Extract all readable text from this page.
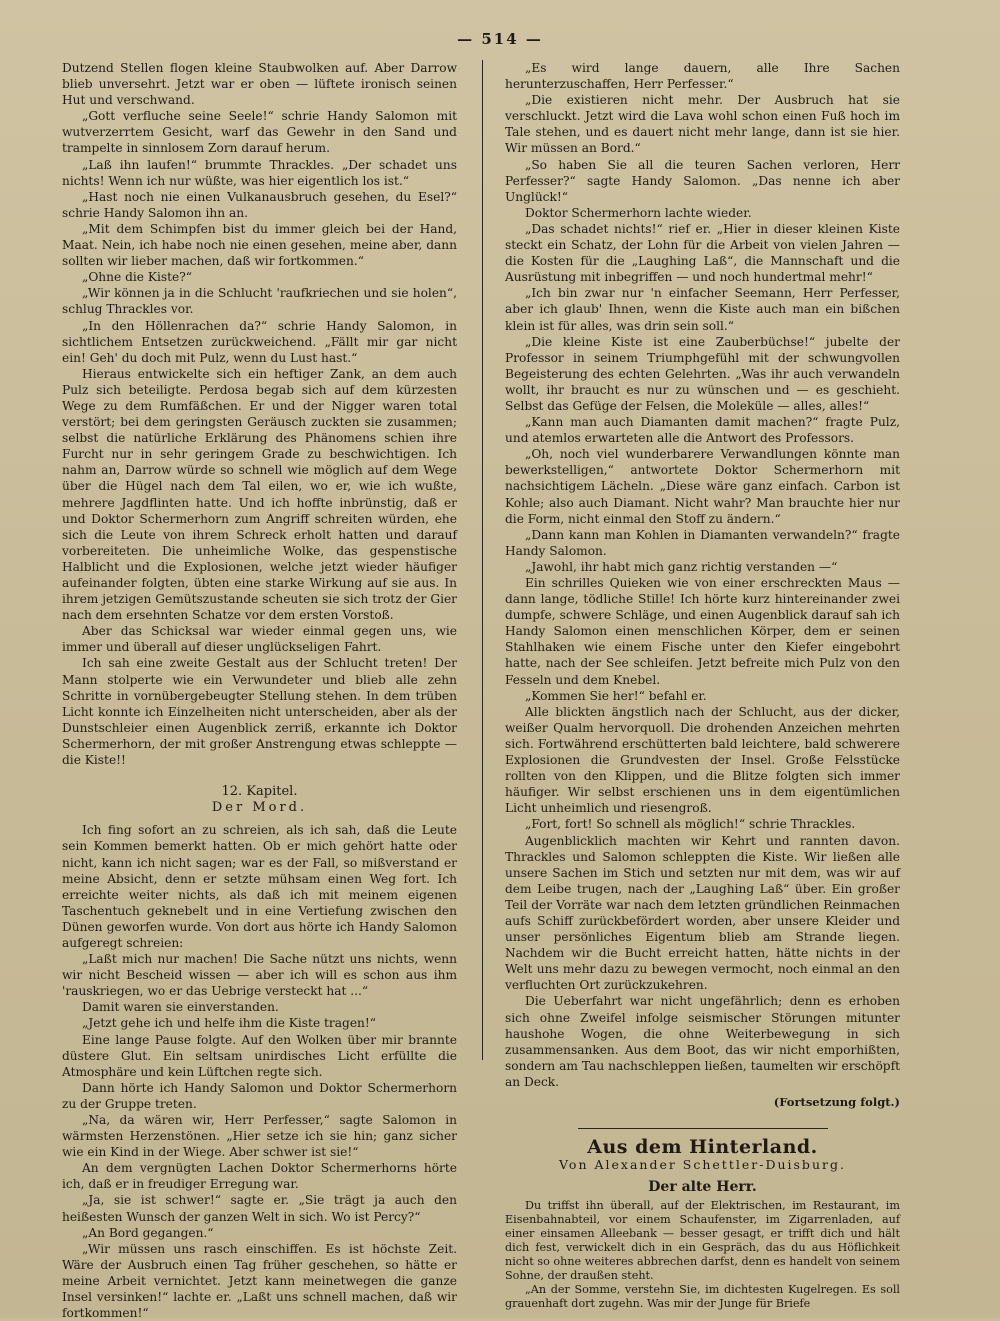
— 514 —

Dutzend Stellen flogen kleine Staubwolken auf. Aber Darrow blieb unversehrt. Jetzt war er oben — lüftete ironisch seinen Hut und verschwand.

„Gott verfluche seine Seele!“ schrie Handy Salomon mit wutverzerrtem Gesicht, warf das Gewehr in den Sand und trampelte in sinnlosem Zorn darauf herum.

„Laß ihn laufen!“ brummte Thrackles. „Der schadet uns nichts! Wenn ich nur wüßte, was hier eigentlich los ist.“

„Hast noch nie einen Vulkanausbruch gesehen, du Esel?“ schrie Handy Salomon ihn an.

„Mit dem Schimpfen bist du immer gleich bei der Hand, Maat. Nein, ich habe noch nie einen gesehen, meine aber, dann sollten wir lieber machen, daß wir fortkommen.“

„Ohne die Kiste?“

„Wir können ja in die Schlucht 'raufkriechen und sie holen“, schlug Thrackles vor.

„In den Höllenrachen da?“ schrie Handy Salomon, in sichtlichem Entsetzen zurückweichend. „Fällt mir gar nicht ein! Geh' du doch mit Pulz, wenn du Lust hast.“

Hieraus entwickelte sich ein heftiger Zank, an dem auch Pulz sich beteiligte. Perdosa begab sich auf dem kürzesten Wege zu dem Rumfäßchen. Er und der Nigger waren total verstört; bei dem geringsten Geräusch zuckten sie zusammen; selbst die natürliche Erklärung des Phänomens schien ihre Furcht nur in sehr geringem Grade zu beschwichtigen. Ich nahm an, Darrow würde so schnell wie möglich auf dem Wege über die Hügel nach dem Tal eilen, wo er, wie ich wußte, mehrere Jagdflinten hatte. Und ich hoffte inbrünstig, daß er und Doktor Schermerhorn zum Angriff schreiten würden, ehe sich die Leute von ihrem Schreck erholt hatten und darauf vorbereiteten. Die unheimliche Wolke, das gespenstische Halblicht und die Explosionen, welche jetzt wieder häufiger aufeinander folgten, übten eine starke Wirkung auf sie aus. In ihrem jetzigen Gemütszustande scheuten sie sich trotz der Gier nach dem ersehnten Schatze vor dem ersten Vorstoß.

Aber das Schicksal war wieder einmal gegen uns, wie immer und überall auf dieser unglückseligen Fahrt.

Ich sah eine zweite Gestalt aus der Schlucht treten! Der Mann stolperte wie ein Verwundeter und blieb alle zehn Schritte in vornübergebeugter Stellung stehen. In dem trüben Licht konnte ich Einzelheiten nicht unterscheiden, aber als der Dunstschleier einen Augenblick zerriß, erkannte ich Doktor Schermerhorn, der mit großer Anstrengung etwas schleppte — die Kiste!!

12. Kapitel.

Der Mord.

Ich fing sofort an zu schreien, als ich sah, daß die Leute sein Kommen bemerkt hatten. Ob er mich gehört hatte oder nicht, kann ich nicht sagen; war es der Fall, so mißverstand er meine Absicht, denn er setzte mühsam einen Weg fort. Ich erreichte weiter nichts, als daß ich mit meinem eigenen Taschentuch geknebelt und in eine Vertiefung zwischen den Dünen geworfen wurde. Von dort aus hörte ich Handy Salomon aufgeregt schreien:

„Laßt mich nur machen! Die Sache nützt uns nichts, wenn wir nicht Bescheid wissen — aber ich will es schon aus ihm 'rauskriegen, wo er das Uebrige versteckt hat ...“

Damit waren sie einverstanden.

„Jetzt gehe ich und helfe ihm die Kiste tragen!“

Eine lange Pause folgte. Auf den Wolken über mir brannte düstere Glut. Ein seltsam unirdisches Licht erfüllte die Atmosphäre und kein Lüftchen regte sich.

Dann hörte ich Handy Salomon und Doktor Schermerhorn zu der Gruppe treten.

„Na, da wären wir, Herr Perfesser,“ sagte Salomon in wärmsten Herzenstönen. „Hier setze ich sie hin; ganz sicher wie ein Kind in der Wiege. Aber schwer ist sie!“

An dem vergnügten Lachen Doktor Schermerhorns hörte ich, daß er in freudiger Erregung war.

„Ja, sie ist schwer!“ sagte er. „Sie trägt ja auch den heißesten Wunsch der ganzen Welt in sich. Wo ist Percy?“

„An Bord gegangen.“

„Wir müssen uns rasch einschiffen. Es ist höchste Zeit. Wäre der Ausbruch einen Tag früher geschehen, so hätte er meine Arbeit vernichtet. Jetzt kann meinetwegen die ganze Insel versinken!“ lachte er. „Laßt uns schnell machen, daß wir fortkommen!“

„Es wird lange dauern, alle Ihre Sachen herunterzuschaffen, Herr Perfesser.“

„Die existieren nicht mehr. Der Ausbruch hat sie verschluckt. Jetzt wird die Lava wohl schon einen Fuß hoch im Tale stehen, und es dauert nicht mehr lange, dann ist sie hier. Wir müssen an Bord.“

„So haben Sie all die teuren Sachen verloren, Herr Perfesser?“ sagte Handy Salomon. „Das nenne ich aber Unglück!“

Doktor Schermerhorn lachte wieder.

„Das schadet nichts!“ rief er. „Hier in dieser kleinen Kiste steckt ein Schatz, der Lohn für die Arbeit von vielen Jahren — die Kosten für die „Laughing Laß“, die Mannschaft und die Ausrüstung mit inbegriffen — und noch hundertmal mehr!“

„Ich bin zwar nur 'n einfacher Seemann, Herr Perfesser, aber ich glaub' Ihnen, wenn die Kiste auch man ein bißchen klein ist für alles, was drin sein soll.“

„Die kleine Kiste ist eine Zauberbüchse!“ jubelte der Professor in seinem Triumphgefühl mit der schwungvollen Begeisterung des echten Gelehrten. „Was ihr auch verwandeln wollt, ihr braucht es nur zu wünschen und — es geschieht. Selbst das Gefüge der Felsen, die Moleküle — alles, alles!“

„Kann man auch Diamanten damit machen?“ fragte Pulz, und atemlos erwarteten alle die Antwort des Professors.

„Oh, noch viel wunderbarere Verwandlungen könnte man bewerkstelligen,“ antwortete Doktor Schermerhorn mit nachsichtigem Lächeln. „Diese wäre ganz einfach. Carbon ist Kohle; also auch Diamant. Nicht wahr? Man brauchte hier nur die Form, nicht einmal den Stoff zu ändern.“

„Dann kann man Kohlen in Diamanten verwandeln?“ fragte Handy Salomon.

„Jawohl, ihr habt mich ganz richtig verstanden —“

Ein schrilles Quieken wie von einer erschreckten Maus — dann lange, tödliche Stille! Ich hörte kurz hintereinander zwei dumpfe, schwere Schläge, und einen Augenblick darauf sah ich Handy Salomon einen menschlichen Körper, dem er seinen Stahlhaken wie einem Fische unter den Kiefer eingebohrt hatte, nach der See schleifen. Jetzt befreite mich Pulz von den Fesseln und dem Knebel.

„Kommen Sie her!“ befahl er.

Alle blickten ängstlich nach der Schlucht, aus der dicker, weißer Qualm hervorquoll. Die drohenden Anzeichen mehrten sich. Fortwährend erschütterten bald leichtere, bald schwerere Explosionen die Grundvesten der Insel. Große Felsstücke rollten von den Klippen, und die Blitze folgten sich immer häufiger. Wir selbst erschienen uns in dem eigentümlichen Licht unheimlich und riesengroß.

„Fort, fort! So schnell als möglich!“ schrie Thrackles.

Augenblicklich machten wir Kehrt und rannten davon. Thrackles und Salomon schleppten die Kiste. Wir ließen alle unsere Sachen im Stich und setzten nur mit dem, was wir auf dem Leibe trugen, nach der „Laughing Laß“ über. Ein großer Teil der Vorräte war nach dem letzten gründlichen Reinmachen aufs Schiff zurückbefördert worden, aber unsere Kleider und unser persönliches Eigentum blieb am Strande liegen. Nachdem wir die Bucht erreicht hatten, hätte nichts in der Welt uns mehr dazu zu bewegen vermocht, noch einmal an den verfluchten Ort zurückzukehren.

Die Ueberfahrt war nicht ungefährlich; denn es erhoben sich ohne Zweifel infolge seismischer Störungen mitunter haushohe Wogen, die ohne Weiterbewegung in sich zusammensanken. Aus dem Boot, das wir nicht emporhißten, sondern am Tau nachschleppen ließen, taumelten wir erschöpft an Deck.

(Fortsetzung folgt.)

Aus dem Hinterland.
Von Alexander Schettler-Duisburg.
Der alte Herr.

Du triffst ihn überall, auf der Elektrischen, im Restaurant, im Eisenbahnabteil, vor einem Schaufenster, im Zigarrenladen, auf einer einsamen Alleebank — besser gesagt, er trifft dich und hält dich fest, verwickelt dich in ein Gespräch, das du aus Höflichkeit nicht so ohne weiteres abbrechen darfst, denn es handelt von seinem Sohne, der draußen steht.

„An der Somme, verstehn Sie, im dichtesten Kugelregen. Es soll grauenhaft dort zugehn. Was mir der Junge für Briefe
